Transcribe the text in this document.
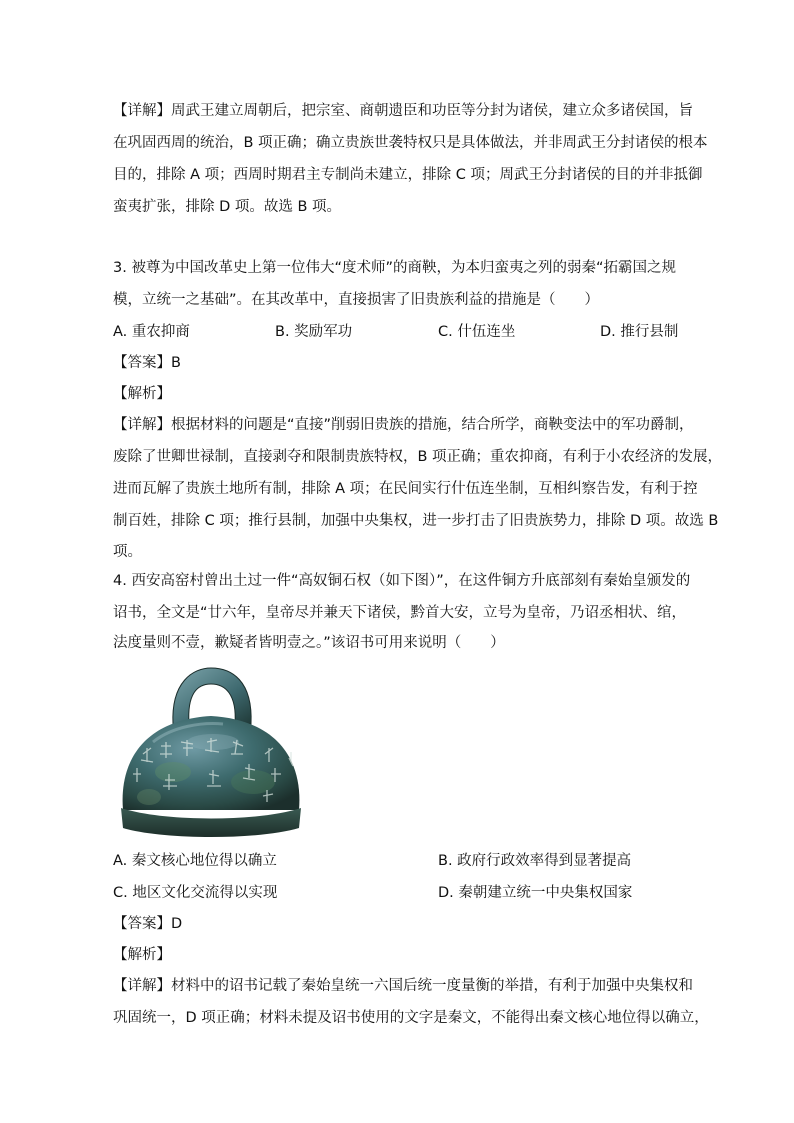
【详解】周武王建立周朝后，把宗室、商朝遗臣和功臣等分封为诸侯，建立众多诸侯国，旨
在巩固西周的统治，B 项正确；确立贵族世袭特权只是具体做法，并非周武王分封诸侯的根本
目的，排除 A 项；西周时期君主专制尚未建立，排除 C 项；周武王分封诸侯的目的并非抵御
蛮夷扩张，排除 D 项。故选 B 项。
3. 被尊为中国改革史上第一位伟大“度术师”的商鞅，为本归蛮夷之列的弱秦“拓霸国之规
模，立统一之基础”。在其改革中，直接损害了旧贵族利益的措施是（　　）
A. 重农抑商	B. 奖励军功	C. 什伍连坐	D. 推行县制
【答案】B
【解析】
【详解】根据材料的问题是“直接”削弱旧贵族的措施，结合所学，商鞅变法中的军功爵制，
废除了世卿世禄制，直接剥夺和限制贵族特权，B 项正确；重农抑商，有利于小农经济的发展，
进而瓦解了贵族土地所有制，排除 A 项；在民间实行什伍连坐制，互相纠察告发，有利于控
制百姓，排除 C 项；推行县制，加强中央集权，进一步打击了旧贵族势力，排除 D 项。故选 B
项。
4. 西安高窑村曾出土过一件“高奴铜石权（如下图）”，在这件铜方升底部刻有秦始皇颁发的
诏书，全文是“廿六年，皇帝尽并兼天下诸侯，黔首大安，立号为皇帝，乃诏丞相状、绾，
法度量则不壹，歉疑者皆明壹之。”该诏书可用来说明（　　）
A. 秦文核心地位得以确立	B. 政府行政效率得到显著提高
C. 地区文化交流得以实现	D. 秦朝建立统一中央集权国家
【答案】D
【解析】
【详解】材料中的诏书记载了秦始皇统一六国后统一度量衡的举措，有利于加强中央集权和
巩固统一，D 项正确；材料未提及诏书使用的文字是秦文，不能得出秦文核心地位得以确立，
